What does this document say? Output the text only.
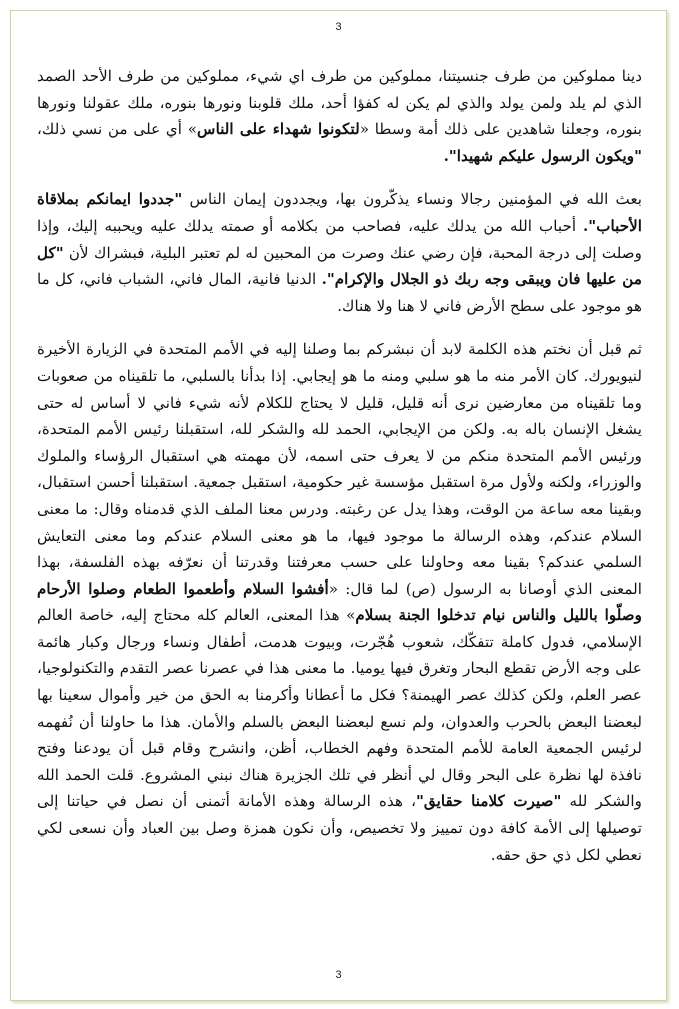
3

دينا مملوكين من طرف جنسيتنا، مملوكين من طرف اي شيء، مملوكين من طرف الأحد الصمد الذي لم يلد ولمن يولد والذي لم يكن له كفؤا أحد، ملك قلوبنا ونورها بنوره، ملك عقولنا ونورها بنوره، وجعلنا شاهدين على ذلك أمة وسطا «لتكونوا شهداء على الناس» أي على من نسي ذلك، "ويكون الرسول عليكم شهيدا".

بعث الله في المؤمنين رجالا ونساء يذكّرون بها، ويجددون إيمان الناس "جددوا ايمانكم بملاقاة الأحباب". أحباب الله من يدلك عليه، فصاحب من بكلامه أو صمته يدلك عليه ويحببه إليك، وإذا وصلت إلى درجة المحبة، فإن رضي عنك وصرت من المحبين له لم تعتبر البلية، فبشراك لأن "كل من عليها فان ويبقى وجه ربك ذو الجلال والإكرام". الدنيا فانية، المال فاني، الشباب فاني، كل ما هو موجود على سطح الأرض فاني لا هنا ولا هناك.

ثم قبل أن نختم هذه الكلمة لابد أن نبشركم بما وصلنا إليه في الأمم المتحدة في الزيارة الأخيرة لنيويورك. كان الأمر منه ما هو سلبي ومنه ما هو إيجابي. إذا بدأنا بالسلبي، ما تلقيناه من صعوبات وما تلقيناه من معارضين نرى أنه قليل، قليل لا يحتاج للكلام لأنه شيء فاني لا أساس له حتى يشغل الإنسان باله به. ولكن من الإيجابي، الحمد لله والشكر لله، استقبلنا رئيس الأمم المتحدة، ورئيس الأمم المتحدة منكم من لا يعرف حتى اسمه، لأن مهمته هي استقبال الرؤساء والملوك والوزراء، ولكنه ولأول مرة استقبل مؤسسة غير حكومية، استقبل جمعية. استقبلنا أحسن استقبال، وبقينا معه ساعة من الوقت، وهذا يدل عن رغبته. ودرس معنا الملف الذي قدمناه وقال: ما معنى السلام عندكم، وهذه الرسالة ما موجود فيها، ما هو معنى السلام عندكم وما معنى التعايش السلمي عندكم؟ بقينا معه وحاولنا على حسب معرفتنا وقدرتنا أن نعرّفه بهذه الفلسفة، بهذا المعنى الذي أوصانا به الرسول (ص) لما قال: «أفشوا السلام وأطعموا الطعام وصلوا الأرحام وصلّوا بالليل والناس نيام تدخلوا الجنة بسلام» هذا المعنى، العالم كله محتاج إليه، خاصة العالم الإسلامي، فدول كاملة تتفكّك، شعوب هُجّرت، وبيوت هدمت، أطفال ونساء ورجال وكبار هائمة على وجه الأرض تقطع البحار وتغرق فيها يوميا. ما معنى هذا في عصرنا عصر التقدم والتكنولوجيا، عصر العلم، ولكن كذلك عصر الهيمنة؟ فكل ما أعطانا وأكرمنا به الحق من خير وأموال سعينا بها لبعضنا البعض بالحرب والعدوان، ولم نسع لبعضنا البعض بالسلم والأمان. هذا ما حاولنا أن نُفهمه لرئيس الجمعية العامة للأمم المتحدة وفهم الخطاب، أظن، وانشرح وقام قبل أن يودعنا وفتح نافذة لها نظرة على البحر وقال لي أنظر في تلك الجزيرة هناك نبني المشروع. قلت الحمد الله والشكر لله "صيرت كلامنا حقايق"، هذه الرسالة وهذه الأمانة أتمنى أن نصل في حياتنا إلى توصيلها إلى الأمة كافة دون تمييز ولا تخصيص، وأن نكون همزة وصل بين العباد وأن نسعى لكي نعطي لكل ذي حق حقه.

3
